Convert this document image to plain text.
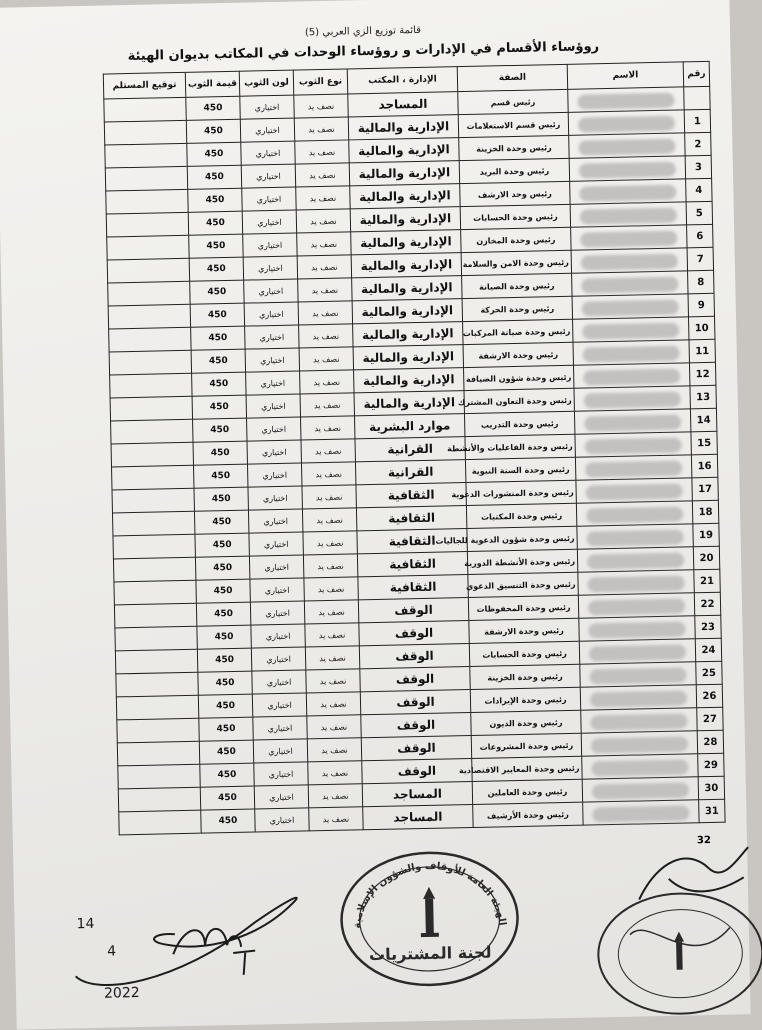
قائمة توزيع الزي العربي (5)
روؤساء الأقسام في الإدارات و روؤساء الوحدات في المكاتب بديوان الهيئة
رقم	الاسم	الصفة	الإدارة ، المكتب	نوع الثوب	لون الثوب	قيمة الثوب	توقيع المستلم
		رئيس قسم	المساجد	نصف يد	اختياري	450	
1		رئيس قسم الاستعلامات	الإدارية والمالية	نصف يد	اختياري	450	
2		رئيس وحدة الخزينة	الإدارية والمالية	نصف يد	اختياري	450	
3		رئيس وحدة البريد	الإدارية والمالية	نصف يد	اختياري	450	
4		رئيس وحد الارشف	الإدارية والمالية	نصف يد	اختياري	450	
5		رئيس وحدة الحسابات	الإدارية والمالية	نصف يد	اختياري	450	
6		رئيس وحدة المخازن	الإدارية والمالية	نصف يد	اختياري	450	
7		رئيس وحدة الامن والسلامة	الإدارية والمالية	نصف يد	اختياري	450	
8		رئيس وحدة الصيانة	الإدارية والمالية	نصف يد	اختياري	450	
9		رئيس وحدة الحركة	الإدارية والمالية	نصف يد	اختياري	450	
10		رئيس وحدة صيانة المركبات	الإدارية والمالية	نصف يد	اختياري	450	
11		رئيس وحدة الارشفة	الإدارية والمالية	نصف يد	اختياري	450	
12		رئيس وحدة شؤون الضيافة	الإدارية والمالية	نصف يد	اختياري	450	
13		رئيس وحدة التعاون المشترك	الإدارية والمالية	نصف يد	اختياري	450	
14		رئيس وحدة التدريب	موارد البشرية	نصف يد	اختياري	450	
15		رئيس وحدة الفاعليات والأنشطة	القرانية	نصف يد	اختياري	450	
16		رئيس وحدة السنة النبوية	القرانية	نصف يد	اختياري	450	
17		رئيس وحدة المنشورات الدعوية	الثقافية	نصف يد	اختياري	450	
18		رئيس وحدة المكتبات	الثقافية	نصف يد	اختياري	450	
19		رئيس وحدة شؤون الدعوية للجاليات	الثقافية	نصف يد	اختياري	450	
20		رئيس وحدة الأنشطة الدورية	الثقافية	نصف يد	اختياري	450	
21		رئيس وحدة التنسيق الدعوي	الثقافية	نصف يد	اختياري	450	
22		رئيس وحدة المحفوظات	الوقف	نصف يد	اختياري	450	
23		رئيس وحدة الارشفة	الوقف	نصف يد	اختياري	450	
24		رئيس وحدة الحسابات	الوقف	نصف يد	اختياري	450	
25		رئيس وحدة الخزينة	الوقف	نصف يد	اختياري	450	
26		رئيس وحدة الإيرادات	الوقف	نصف يد	اختياري	450	
27		رئيس وحدة الديون	الوقف	نصف يد	اختياري	450	
28		رئيس وحدة المشروعات	الوقف	نصف يد	اختياري	450	
29		رئيس وحدة المعايير الاقتصادية	الوقف	نصف يد	اختياري	450	
30		رئيس وحدة العاملين	المساجد	نصف يد	اختياري	450	
31		رئيس وحدة الأرشيف	المساجد	نصف يد	اختياري	450	
32
الهيئة العامة للأوقاف والشؤون الإسلامية
لجنة المشتريات
14
4
2022
